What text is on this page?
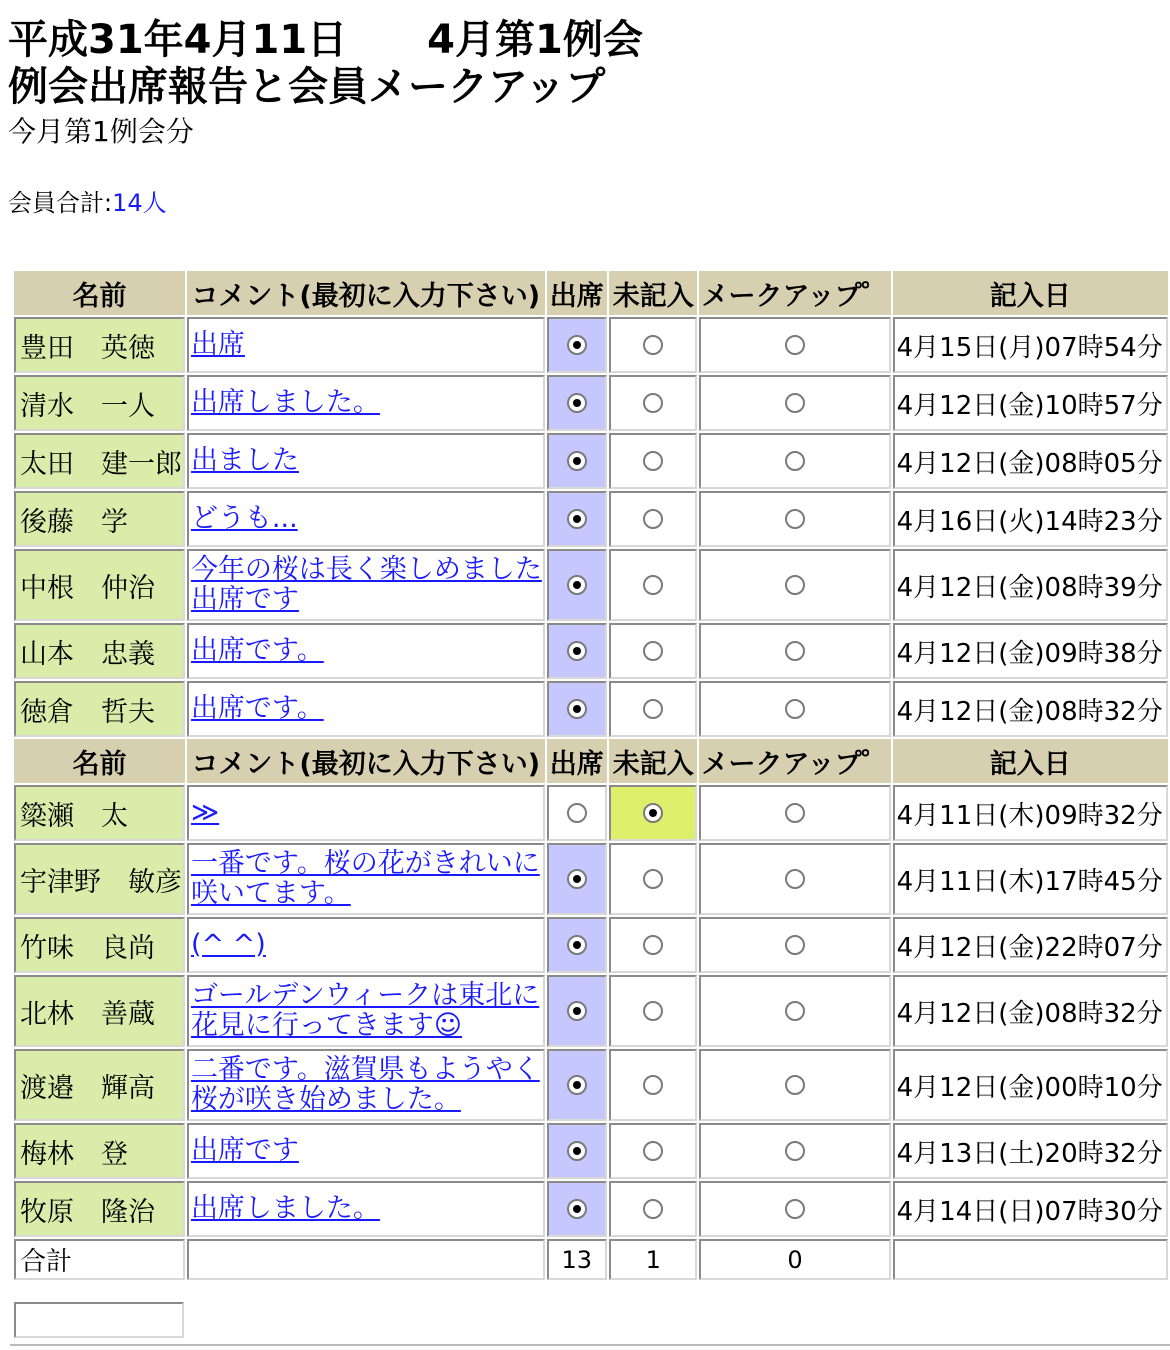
平成31年4月11日　　4月第1例会
例会出席報告と会員メークアップ
今月第1例会分
会員合計:14人
名前	コメント(最初に入力下さい)	出席	未記入	メークアップ゜	記入日
豊田　英徳	出席				4月15日(月)07時54分
清水　一人	出席しました。				4月12日(金)10時57分
太田　建一郎	出ました				4月12日(金)08時05分
後藤　学	どうも...				4月16日(火)14時23分
中根　仲治	今年の桜は長く楽しめました出席です				4月12日(金)08時39分
山本　忠義	出席です。				4月12日(金)09時38分
徳倉　哲夫	出席です。				4月12日(金)08時32分
名前	コメント(最初に入力下さい)	出席	未記入	メークアップ゜	記入日
簗瀬　太	≫				4月11日(木)09時32分
宇津野　敏彦	一番です。桜の花がきれいに咲いてます。				4月11日(木)17時45分
竹味　良尚	(^ ^)				4月12日(金)22時07分
北林　善蔵	ゴールデンウィークは東北に花見に行ってきます☺				4月12日(金)08時32分
渡邉　輝高	二番です。滋賀県もようやく桜が咲き始めました。				4月12日(金)00時10分
梅林　登	出席です				4月13日(土)20時32分
牧原　隆治	出席しました。				4月14日(日)07時30分
合計		13	1	0	
